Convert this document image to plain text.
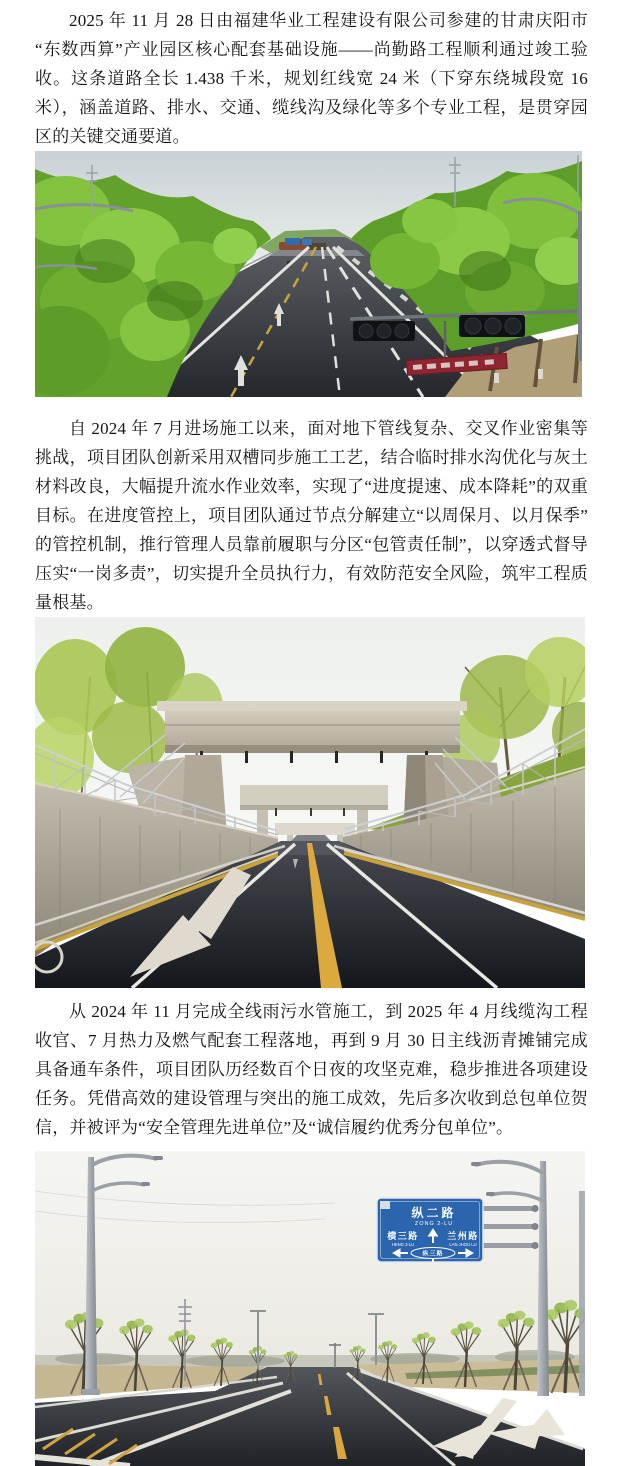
2025 年 11 月 28 日由福建华业工程建设有限公司参建的甘肃庆阳市“东数西算”产业园区核心配套基础设施——尚勤路工程顺利通过竣工验收。这条道路全长 1.438 千米，规划红线宽 24 米（下穿东绕城段宽 16 米），涵盖道路、排水、交通、缆线沟及绿化等多个专业工程，是贯穿园区的关键交通要道。

自 2024 年 7 月进场施工以来，面对地下管线复杂、交叉作业密集等挑战，项目团队创新采用双槽同步施工工艺，结合临时排水沟优化与灰土材料改良，大幅提升流水作业效率，实现了“进度提速、成本降耗”的双重目标。在进度管控上，项目团队通过节点分解建立“以周保月、以月保季”的管控机制，推行管理人员靠前履职与分区“包管责任制”，以穿透式督导压实“一岗多责”，切实提升全员执行力，有效防范安全风险，筑牢工程质量根基。

从 2024 年 11 月完成全线雨污水管施工，到 2025 年 4 月线缆沟工程收官、7 月热力及燃气配套工程落地，再到 9 月 30 日主线沥青摊铺完成具备通车条件，项目团队历经数百个日夜的攻坚克难，稳步推进各项建设任务。凭借高效的建设管理与突出的施工成效，先后多次收到总包单位贺信，并被评为“安全管理先进单位”及“诚信履约优秀分包单位”。

纵二路
ZONG 2-LU
横三路	兰州路
HENG 3-LU	LAN JHOU LU
纵三路
